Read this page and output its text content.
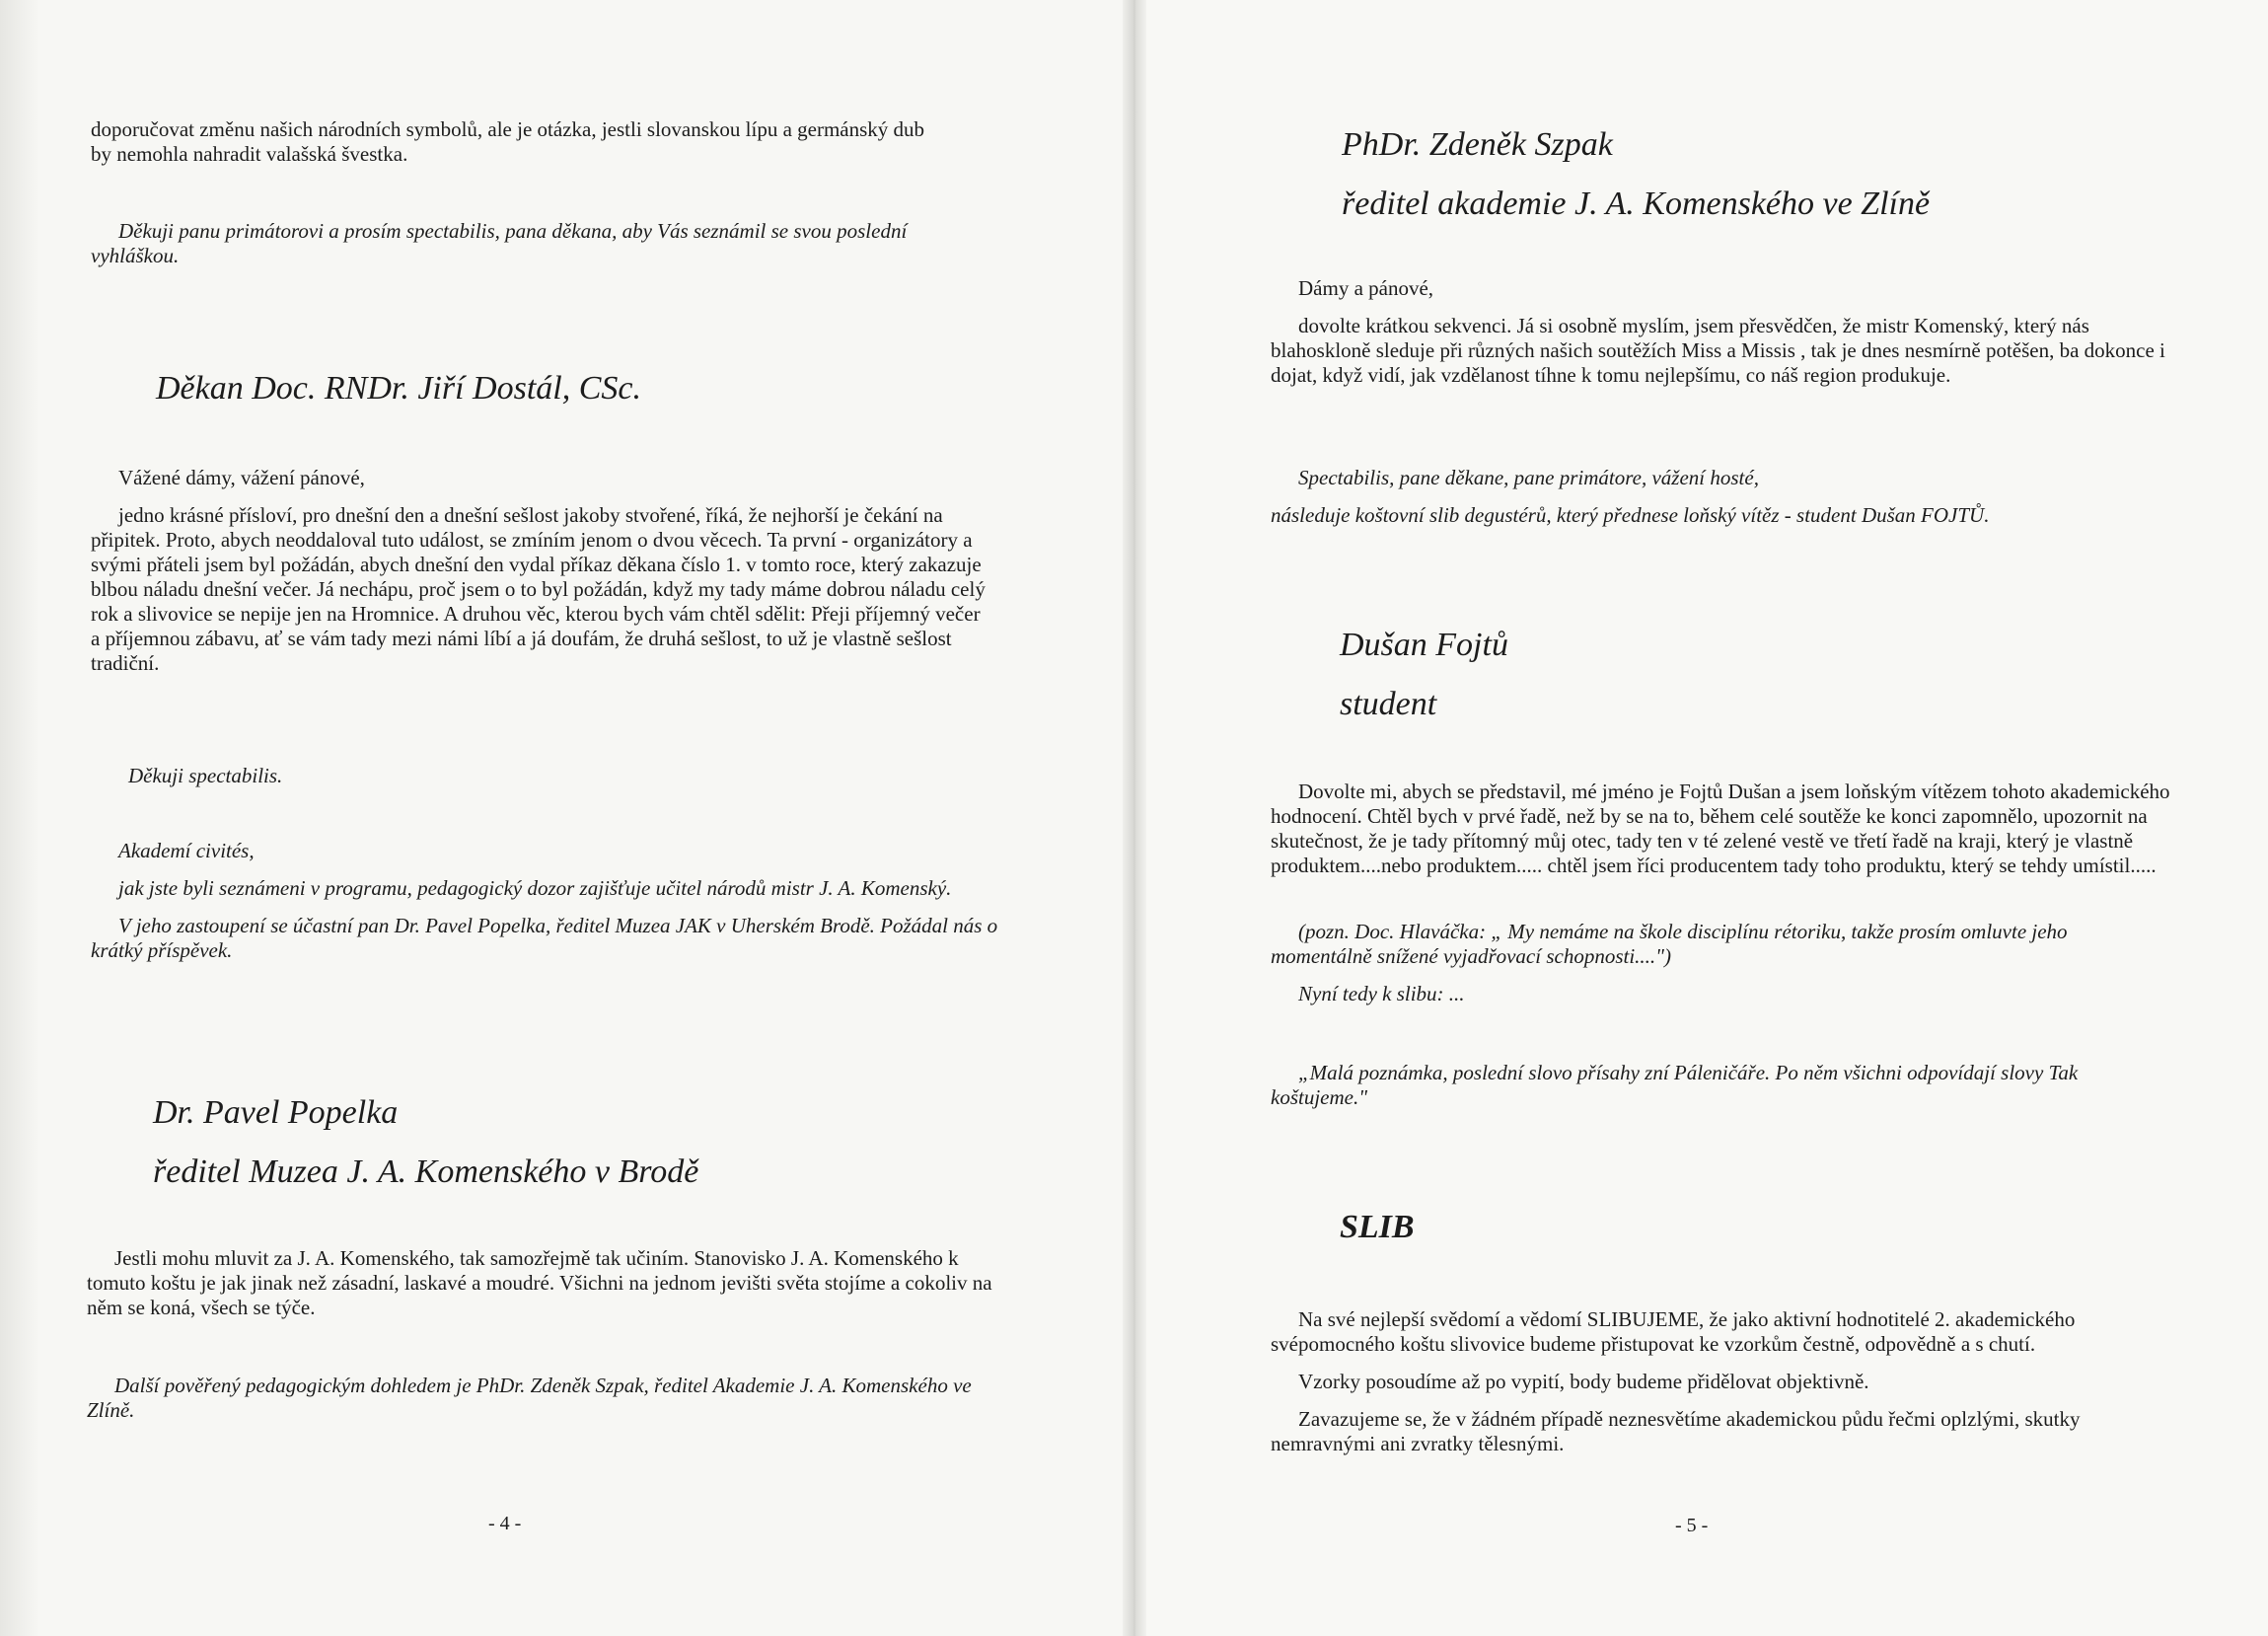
doporučovat změnu našich národních symbolů, ale je otázka, jestli slovanskou lípu a germánský dub by nemohla nahradit valašská švestka.

Děkuji panu primátorovi a prosím spectabilis, pana děkana, aby Vás seznámil se svou poslední vyhláškou.

Děkan Doc. RNDr. Jiří Dostál, CSc.

Vážené dámy, vážení pánové,

jedno krásné přísloví, pro dnešní den a dnešní sešlost jakoby stvořené, říká, že nejhorší je čekání na připitek. Proto, abych neoddaloval tuto událost, se zmíním jenom o dvou věcech. Ta první - organizátory a svými přáteli jsem byl požádán, abych dnešní den vydal příkaz děkana číslo 1. v tomto roce, který zakazuje blbou náladu dnešní večer. Já nechápu, proč jsem o to byl požádán, když my tady máme dobrou náladu celý rok a slivovice se nepije jen na Hromnice. A druhou věc, kterou bych vám chtěl sdělit: Přeji příjemný večer a příjemnou zábavu, ať se vám tady mezi námi líbí a já doufám, že druhá sešlost, to už je vlastně sešlost tradiční.

Děkuji spectabilis.

Akademí civités,

jak jste byli seznámeni v programu, pedagogický dozor zajišťuje učitel národů mistr J. A. Komenský.

V jeho zastoupení se účastní pan Dr. Pavel Popelka, ředitel Muzea JAK v Uherském Brodě. Požádal nás o krátký příspěvek.

Dr. Pavel Popelka
ředitel Muzea J. A. Komenského v Brodě

Jestli mohu mluvit za J. A. Komenského, tak samozřejmě tak učiním. Stanovisko J. A. Komenského k tomuto koštu je jak jinak než zásadní, laskavé a moudré. Všichni na jednom jevišti světa stojíme a cokoliv na něm se koná, všech se týče.

Další pověřený pedagogickým dohledem je PhDr. Zdeněk Szpak, ředitel Akademie J. A. Komenského ve Zlíně.

- 4 -
PhDr. Zdeněk Szpak
ředitel akademie J. A. Komenského ve Zlíně

Dámy a pánové,

dovolte krátkou sekvenci. Já si osobně myslím, jsem přesvědčen, že mistr Komenský, který nás blahoskloně sleduje při různých našich soutěžích Miss a Missis , tak je dnes nesmírně potěšen, ba dokonce i dojat, když vidí, jak vzdělanost tíhne k tomu nejlepšímu, co náš region produkuje.

Spectabilis, pane děkane, pane primátore, vážení hosté,

následuje koštovní slib degustérů, který přednese loňský vítěz - student Dušan FOJTŮ.

Dušan Fojtů
student

Dovolte mi, abych se představil, mé jméno je Fojtů Dušan a jsem loňským vítězem tohoto akademického hodnocení. Chtěl bych v prvé řadě, než by se na to, během celé soutěže ke konci zapomnělo, upozornit na skutečnost, že je tady přítomný můj otec, tady ten v té zelené vestě ve třetí řadě na kraji, který je vlastně produktem....nebo produktem..... chtěl jsem říci producentem tady toho produktu, který se tehdy umístil.....

(pozn. Doc. Hlaváčka: „ My nemáme na škole disciplínu rétoriku, takže prosím omluvte jeho momentálně snížené vyjadřovací schopnosti....")

Nyní tedy k slibu: ...

„Malá poznámka, poslední slovo přísahy zní Páleničáře. Po něm všichni odpovídají slovy Tak koštujeme."

SLIB

Na své nejlepší svědomí a vědomí SLIBUJEME, že jako aktivní hodnotitelé 2. akademického svépomocného koštu slivovice budeme přistupovat ke vzorkům čestně, odpovědně a s chutí.

Vzorky posoudíme až po vypití, body budeme přidělovat objektivně.

Zavazujeme se, že v žádném případě neznesvětíme akademickou půdu řečmi oplzlými, skutky nemravnými ani zvratky tělesnými.

- 5 -
